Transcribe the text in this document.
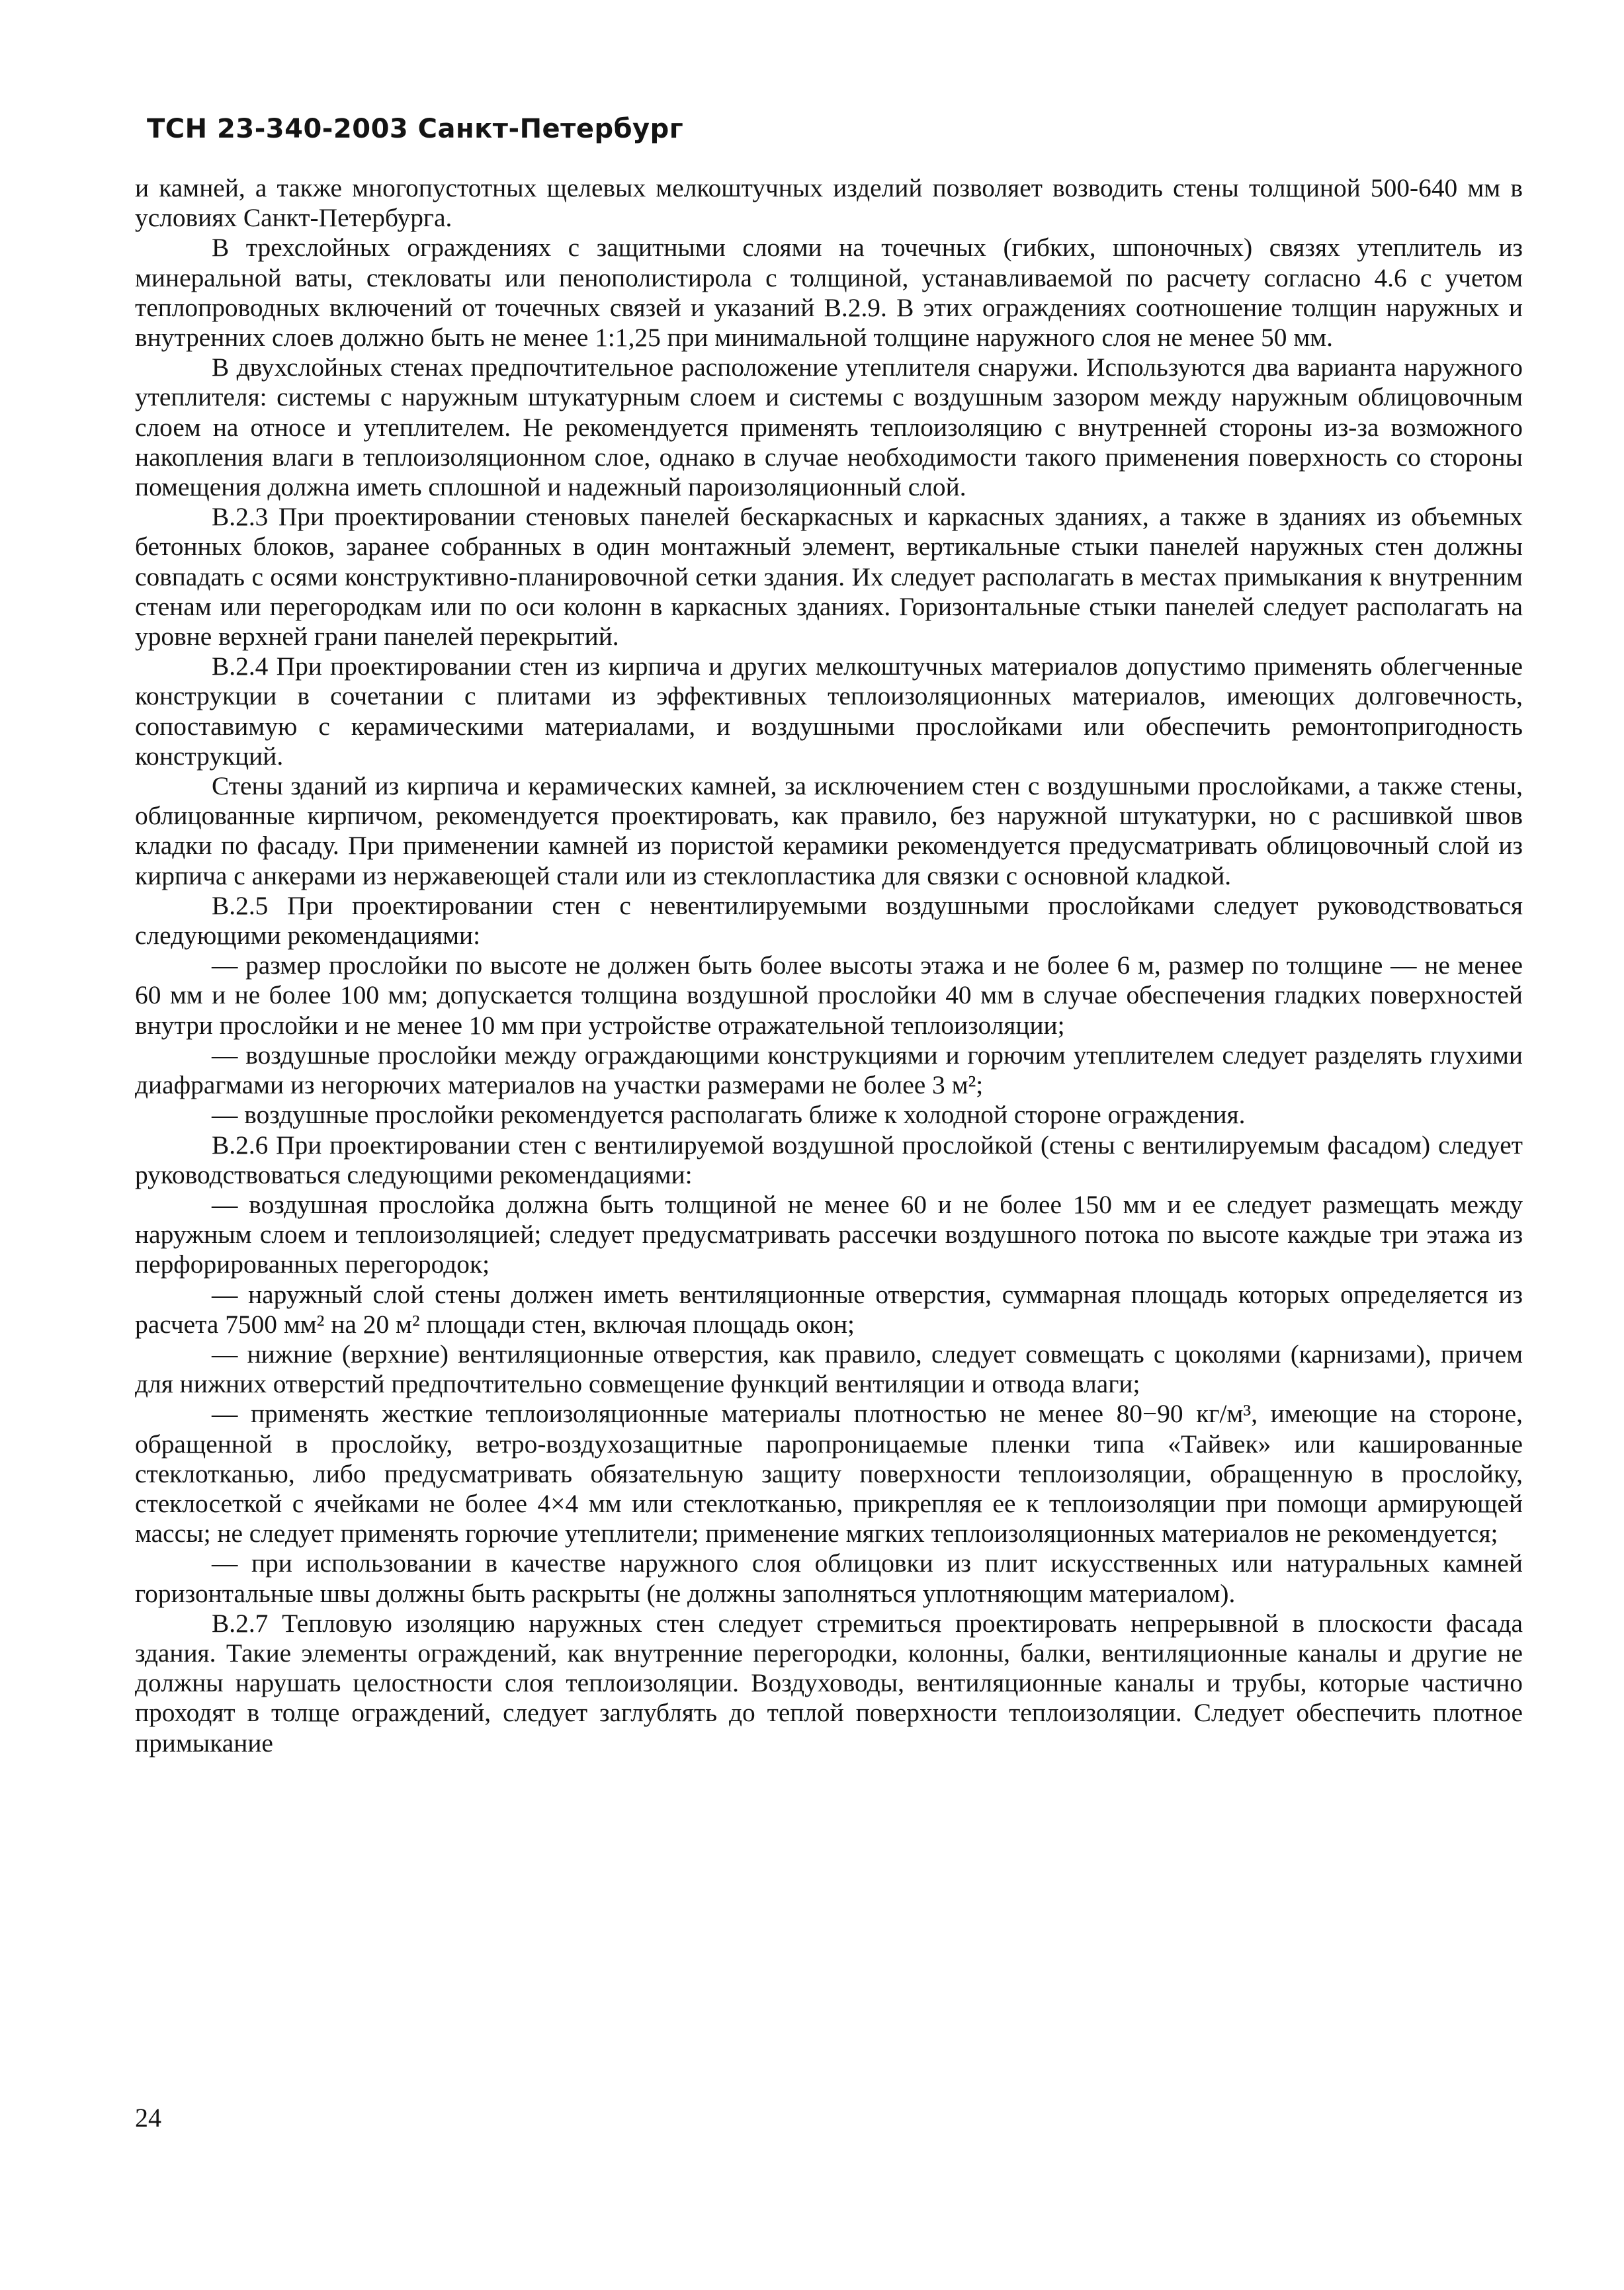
ТСН 23-340-2003 Санкт-Петербург

и камней, а также многопустотных щелевых мелкоштучных изделий позволяет возводить стены толщиной 500-640 мм в условиях Санкт-Петербурга.

В трехслойных ограждениях с защитными слоями на точечных (гибких, шпоночных) связях утеплитель из минеральной ваты, стекловаты или пенополистирола с толщиной, устанавливаемой по расчету согласно 4.6 с учетом теплопроводных включений от точечных связей и указаний В.2.9. В этих ограждениях соотношение толщин наружных и внутренних слоев должно быть не менее 1:1,25 при минимальной толщине наружного слоя не менее 50 мм.

В двухслойных стенах предпочтительное расположение утеплителя снаружи. Используются два варианта наружного утеплителя: системы с наружным штукатурным слоем и системы с воздушным зазором между наружным облицовочным слоем на относе и утеплителем. Не рекомендуется применять теплоизоляцию с внутренней стороны из-за возможного накопления влаги в теплоизоляционном слое, однако в случае необходимости такого применения поверхность со стороны помещения должна иметь сплошной и надежный пароизоляционный слой.

В.2.3 При проектировании стеновых панелей бескаркасных и каркасных зданиях, а также в зданиях из объемных бетонных блоков, заранее собранных в один монтажный элемент, вертикальные стыки панелей наружных стен должны совпадать с осями конструктивно-планировочной сетки здания. Их следует располагать в местах примыкания к внутренним стенам или перегородкам или по оси колонн в каркасных зданиях. Горизонтальные стыки панелей следует располагать на уровне верхней грани панелей перекрытий.

В.2.4 При проектировании стен из кирпича и других мелкоштучных материалов допустимо применять облегченные конструкции в сочетании с плитами из эффективных теплоизоляционных материалов, имеющих долговечность, сопоставимую с керамическими материалами, и воздушными прослойками или обеспечить ремонтопригодность конструкций.

Стены зданий из кирпича и керамических камней, за исключением стен с воздушными прослойками, а также стены, облицованные кирпичом, рекомендуется проектировать, как правило, без наружной штукатурки, но с расшивкой швов кладки по фасаду. При применении камней из пористой керамики рекомендуется предусматривать облицовочный слой из кирпича с анкерами из нержавеющей стали или из стеклопластика для связки с основной кладкой.

В.2.5 При проектировании стен с невентилируемыми воздушными прослойками следует руководствоваться следующими рекомендациями:

— размер прослойки по высоте не должен быть более высоты этажа и не более 6 м, размер по толщине — не менее 60 мм и не более 100 мм; допускается толщина воздушной прослойки 40 мм в случае обеспечения гладких поверхностей внутри прослойки и не менее 10 мм при устройстве отражательной теплоизоляции;

— воздушные прослойки между ограждающими конструкциями и горючим утеплителем следует разделять глухими диафрагмами из негорючих материалов на участки размерами не более 3 м²;

— воздушные прослойки рекомендуется располагать ближе к холодной стороне ограждения.

В.2.6 При проектировании стен с вентилируемой воздушной прослойкой (стены с вентилируемым фасадом) следует руководствоваться следующими рекомендациями:

— воздушная прослойка должна быть толщиной не менее 60 и не более 150 мм и ее следует размещать между наружным слоем и теплоизоляцией; следует предусматривать рассечки воздушного потока по высоте каждые три этажа из перфорированных перегородок;

— наружный слой стены должен иметь вентиляционные отверстия, суммарная площадь которых определяется из расчета 7500 мм² на 20 м² площади стен, включая площадь окон;

— нижние (верхние) вентиляционные отверстия, как правило, следует совмещать с цоколями (карнизами), причем для нижних отверстий предпочтительно совмещение функций вентиляции и отвода влаги;

— применять жесткие теплоизоляционные материалы плотностью не менее 80−90 кг/м³, имеющие на стороне, обращенной в прослойку, ветро-воздухозащитные паропроницаемые пленки типа «Тайвек» или кашированные стеклотканью, либо предусматривать обязательную защиту поверхности теплоизоляции, обращенную в прослойку, стеклосеткой с ячейками не более 4×4 мм или стеклотканью, прикрепляя ее к теплоизоляции при помощи армирующей массы; не следует применять горючие утеплители; применение мягких теплоизоляционных материалов не рекомендуется;

— при использовании в качестве наружного слоя облицовки из плит искусственных или натуральных камней горизонтальные швы должны быть раскрыты (не должны заполняться уплотняющим материалом).

В.2.7 Тепловую изоляцию наружных стен следует стремиться проектировать непрерывной в плоскости фасада здания. Такие элементы ограждений, как внутренние перегородки, колонны, балки, вентиляционные каналы и другие не должны нарушать целостности слоя теплоизоляции. Воздуховоды, вентиляционные каналы и трубы, которые частично проходят в толще ограждений, следует заглублять до теплой поверхности теплоизоляции. Следует обеспечить плотное примыкание

24
